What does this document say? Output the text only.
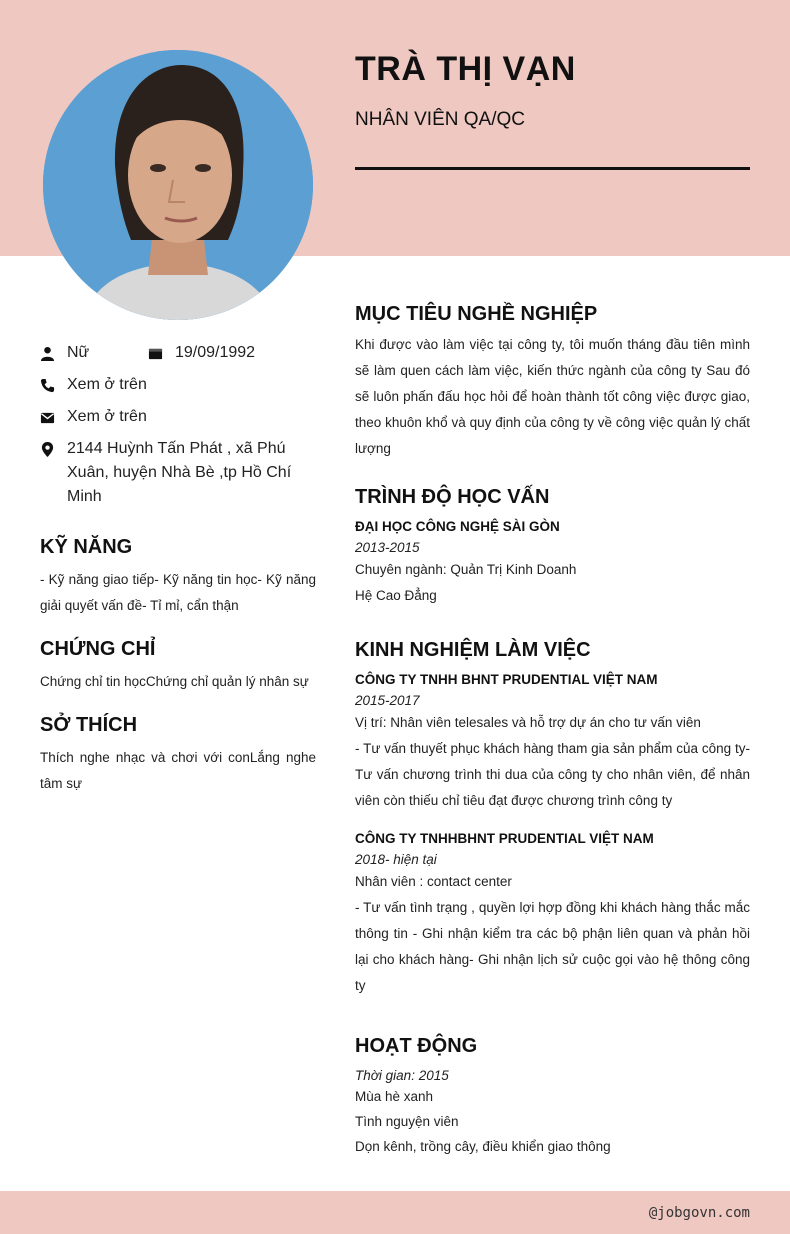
TRÀ THỊ VẠN
NHÂN VIÊN QA/QC
Nữ	19/09/1992
Xem ở trên
Xem ở trên
2144 Huỳnh Tấn Phát , xã Phú Xuân, huyện Nhà Bè ,tp Hồ Chí Minh
KỸ NĂNG
- Kỹ năng giao tiếp- Kỹ năng tin học- Kỹ năng giải quyết vấn đề- Tỉ mỉ, cẩn thận
CHỨNG CHỈ
Chứng chỉ tin họcChứng chỉ quản lý nhân sự
SỞ THÍCH
Thích nghe nhạc và chơi với conLắng nghe tâm sự
MỤC TIÊU NGHỀ NGHIỆP
Khi được vào làm việc tại công ty, tôi muốn tháng đầu tiên mình sẽ làm quen cách làm việc, kiến thức ngành của công ty Sau đó sẽ luôn phấn đấu học hỏi để hoàn thành tốt công việc được giao, theo khuôn khổ và quy định của công ty về công việc quản lý chất lượng
TRÌNH ĐỘ HỌC VẤN
ĐẠI HỌC CÔNG NGHỆ SÀI GÒN
2013-2015
Chuyên ngành: Quản Trị Kinh Doanh
Hệ Cao Đẳng
KINH NGHIỆM LÀM VIỆC
CÔNG TY TNHH BHNT PRUDENTIAL VIỆT NAM
2015-2017
Vị trí: Nhân viên telesales và hỗ trợ dự án cho tư vấn viên
- Tư vấn thuyết phục khách hàng tham gia sản phẩm của công ty- Tư vấn chương trình thi dua của công ty cho nhân viên, để nhân viên còn thiếu chỉ tiêu đạt được chương trình công ty
CÔNG TY TNHHBHNT PRUDENTIAL VIỆT NAM
2018- hiện tại
Nhân viên : contact center
- Tư vấn tình trạng , quyền lợi hợp đồng khi khách hàng thắc mắc thông tin - Ghi nhận kiểm tra các bộ phận liên quan và phản hồi lại cho khách hàng- Ghi nhận lịch sử cuộc gọi vào hệ thông công ty
HOẠT ĐỘNG
Thời gian: 2015
Mùa hè xanh
Tình nguyện viên
Dọn kênh, trồng cây, điều khiển giao thông
@jobgovn.com
